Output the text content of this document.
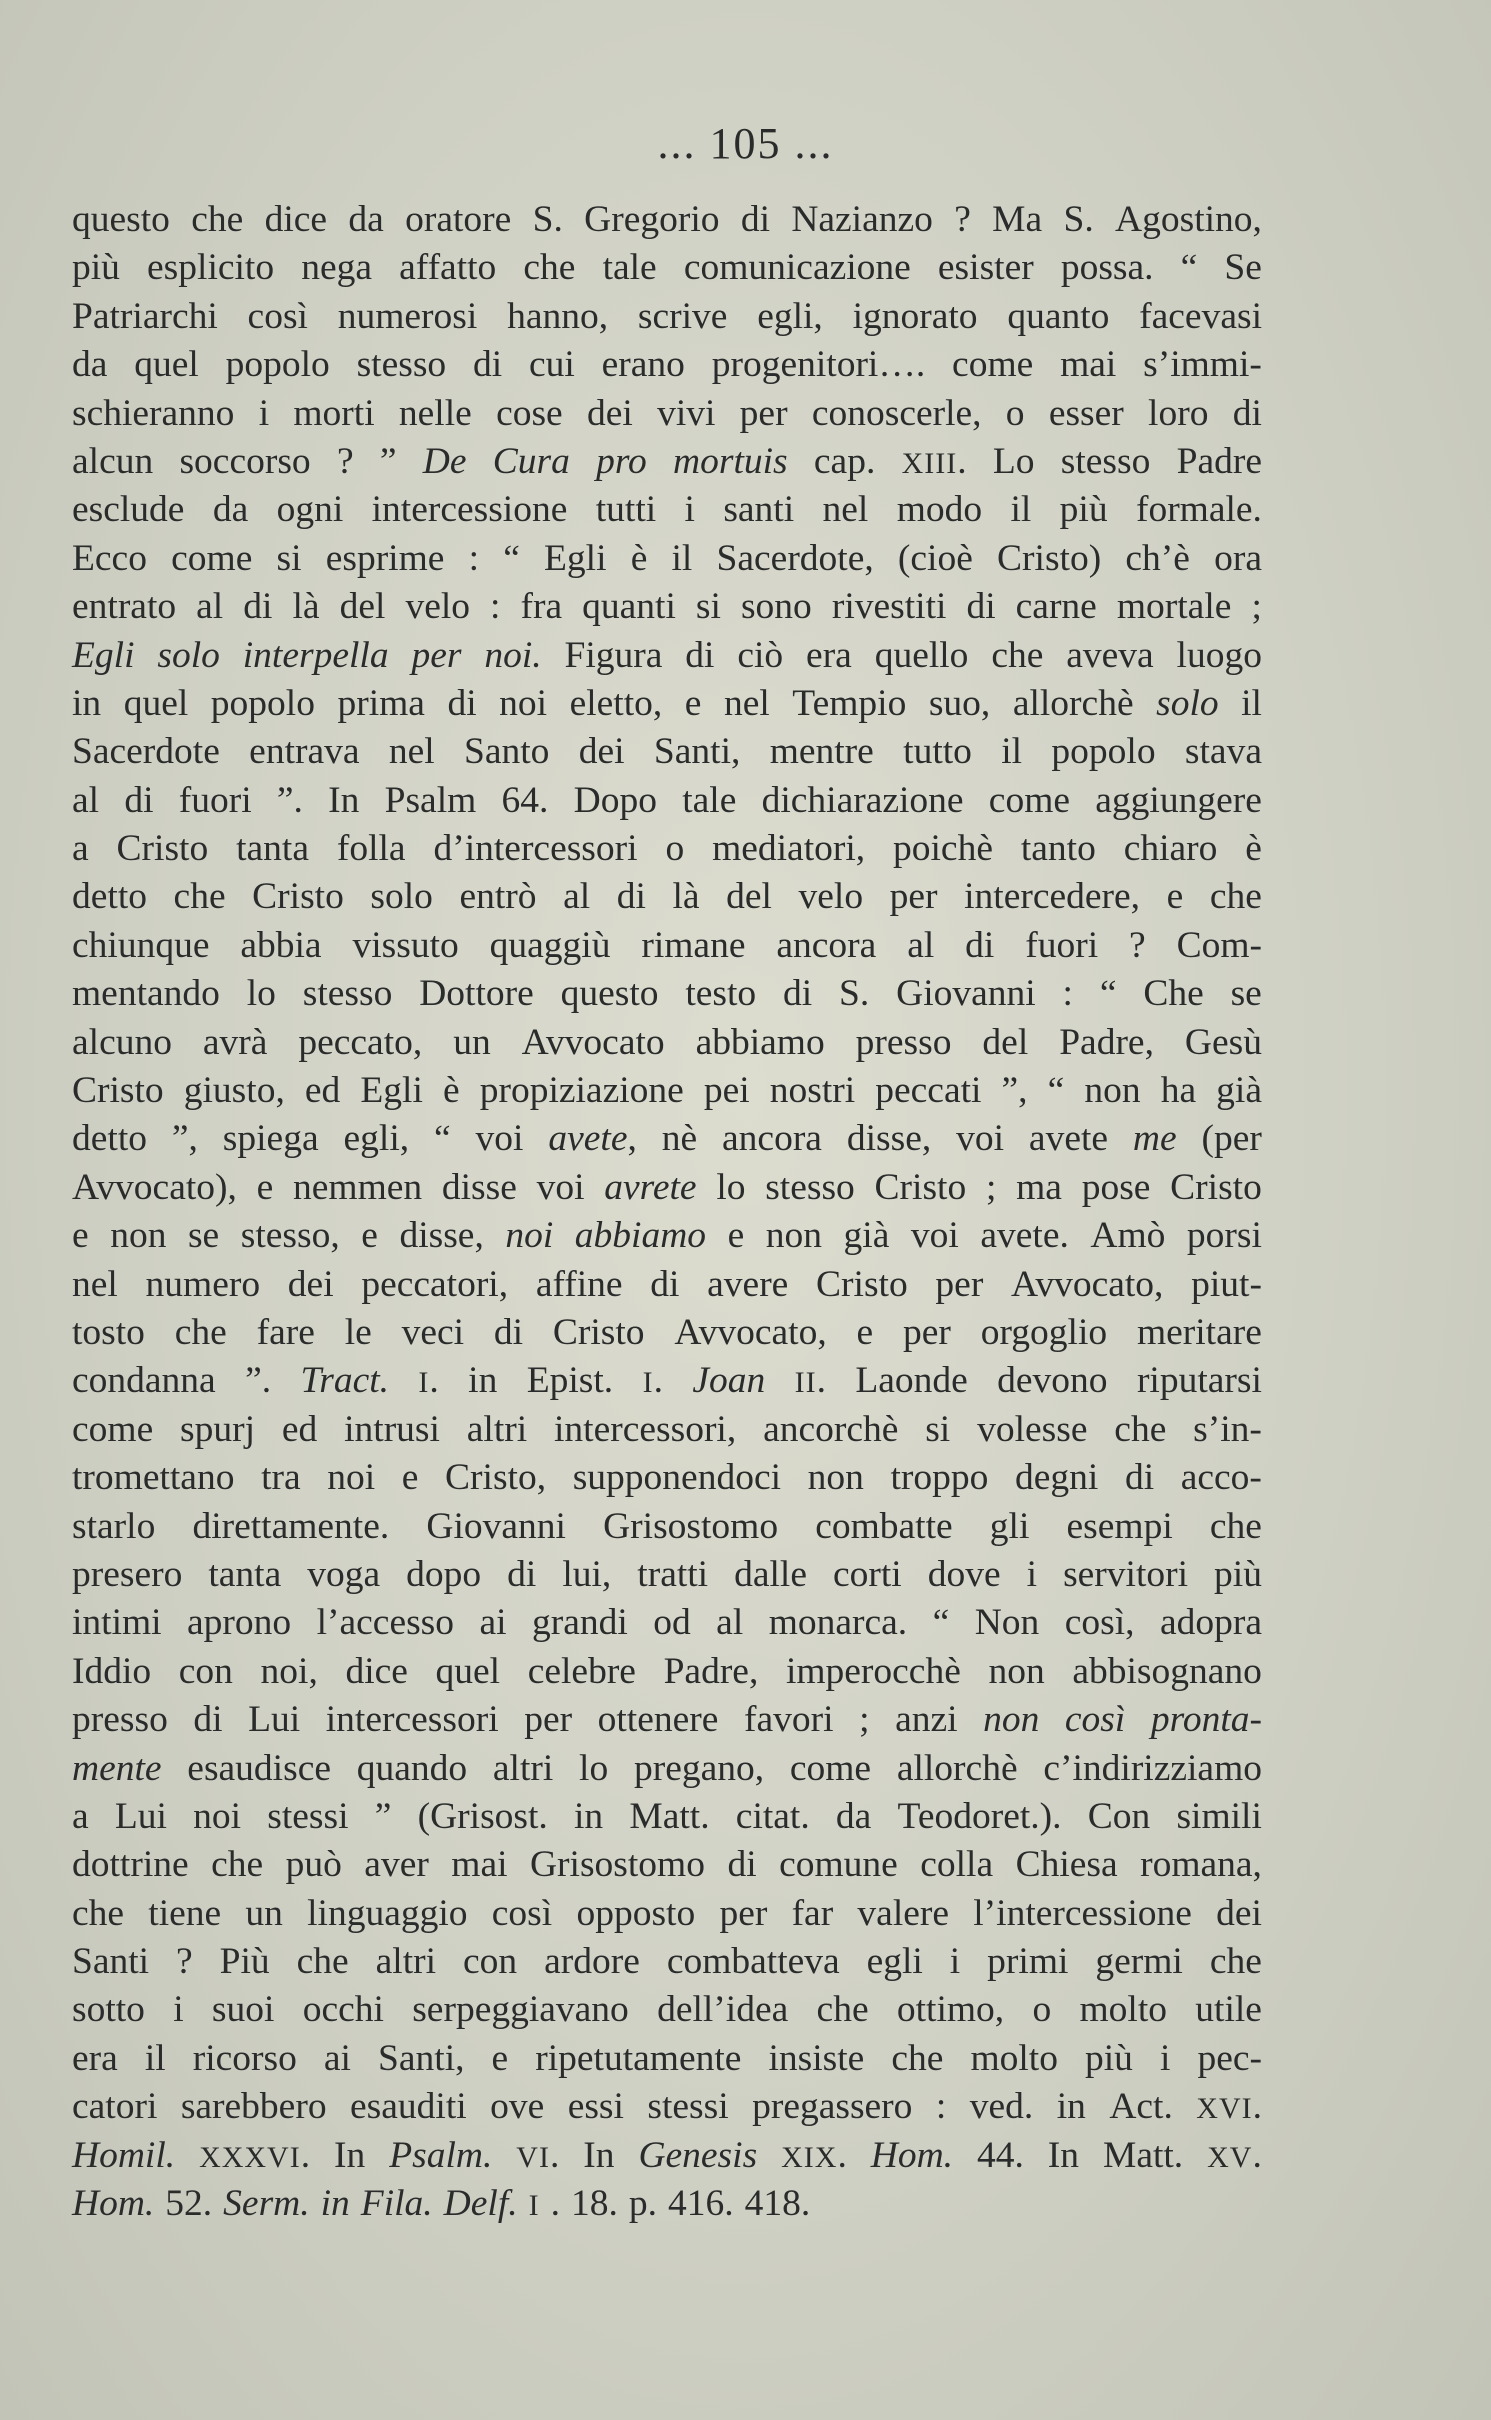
... 105 ...
questo che dice da oratore S. Gregorio di Nazianzo ? Ma S. Agostino,
più esplicito nega affatto che tale comunicazione esister possa. “ Se
Patriarchi così numerosi hanno, scrive egli, ignorato quanto facevasi
da quel popolo stesso di cui erano progenitori…. come mai s’immi-
schieranno i morti nelle cose dei vivi per conoscerle, o esser loro di
alcun soccorso ? ” De Cura pro mortuis cap. XIII. Lo stesso Padre
esclude da ogni intercessione tutti i santi nel modo il più formale.
Ecco come si esprime : “ Egli è il Sacerdote, (cioè Cristo) ch’è ora
entrato al di là del velo : fra quanti si sono rivestiti di carne mortale ;
Egli solo interpella per noi. Figura di ciò era quello che aveva luogo
in quel popolo prima di noi eletto, e nel Tempio suo, allorchè solo il
Sacerdote entrava nel Santo dei Santi, mentre tutto il popolo stava
al di fuori ”. In Psalm 64. Dopo tale dichiarazione come aggiungere
a Cristo tanta folla d’intercessori o mediatori, poichè tanto chiaro è
detto che Cristo solo entrò al di là del velo per intercedere, e che
chiunque abbia vissuto quaggiù rimane ancora al di fuori ? Com-
mentando lo stesso Dottore questo testo di S. Giovanni : “ Che se
alcuno avrà peccato, un Avvocato abbiamo presso del Padre, Gesù
Cristo giusto, ed Egli è propiziazione pei nostri peccati ”, “ non ha già
detto ”, spiega egli, “ voi avete, nè ancora disse, voi avete me (per
Avvocato), e nemmen disse voi avrete lo stesso Cristo ; ma pose Cristo
e non se stesso, e disse, noi abbiamo e non già voi avete. Amò porsi
nel numero dei peccatori, affine di avere Cristo per Avvocato, piut-
tosto che fare le veci di Cristo Avvocato, e per orgoglio meritare
condanna ”. Tract. I. in Epist. I. Joan II. Laonde devono riputarsi
come spurj ed intrusi altri intercessori, ancorchè si volesse che s’in-
tromettano tra noi e Cristo, supponendoci non troppo degni di acco-
starlo direttamente. Giovanni Grisostomo combatte gli esempi che
presero tanta voga dopo di lui, tratti dalle corti dove i servitori più
intimi aprono l’accesso ai grandi od al monarca. “ Non così, adopra
Iddio con noi, dice quel celebre Padre, imperocchè non abbisognano
presso di Lui intercessori per ottenere favori ; anzi non così pronta-
mente esaudisce quando altri lo pregano, come allorchè c’indirizziamo
a Lui noi stessi ” (Grisost. in Matt. citat. da Teodoret.). Con simili
dottrine che può aver mai Grisostomo di comune colla Chiesa romana,
che tiene un linguaggio così opposto per far valere l’intercessione dei
Santi ? Più che altri con ardore combatteva egli i primi germi che
sotto i suoi occhi serpeggiavano dell’idea che ottimo, o molto utile
era il ricorso ai Santi, e ripetutamente insiste che molto più i pec-
catori sarebbero esauditi ove essi stessi pregassero : ved. in Act. XVI.
Homil. XXXVI. In Psalm. VI. In Genesis XIX. Hom. 44. In Matt. XV.
Hom. 52. Serm. in Fila. Delf. I . 18. p. 416. 418.
